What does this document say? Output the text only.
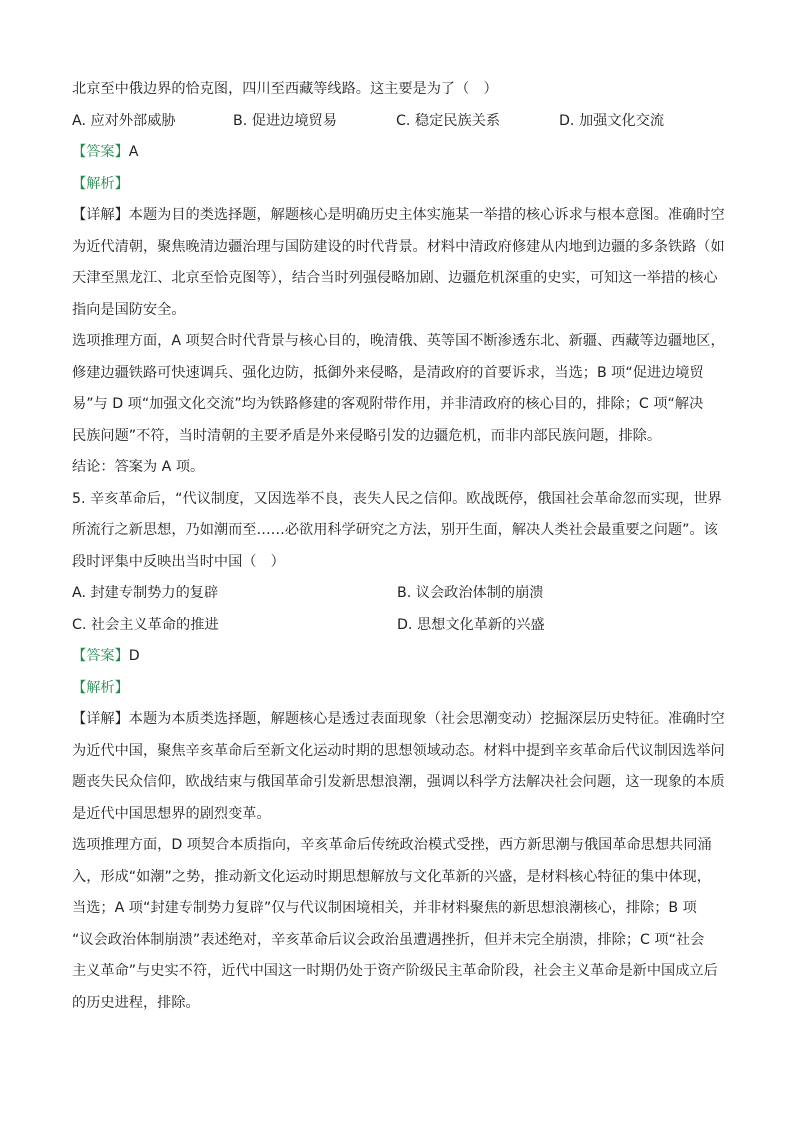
北京至中俄边界的恰克图，四川至西藏等线路。这主要是为了（　）
A. 应对外部威胁	B. 促进边境贸易	C. 稳定民族关系	D. 加强文化交流
【答案】A
【解析】
【详解】本题为目的类选择题，解题核心是明确历史主体实施某一举措的核心诉求与根本意图。准确时空
为近代清朝，聚焦晚清边疆治理与国防建设的时代背景。材料中清政府修建从内地到边疆的多条铁路（如
天津至黑龙江、北京至恰克图等），结合当时列强侵略加剧、边疆危机深重的史实，可知这一举措的核心
指向是国防安全。
选项推理方面，A 项契合时代背景与核心目的，晚清俄、英等国不断渗透东北、新疆、西藏等边疆地区，
修建边疆铁路可快速调兵、强化边防，抵御外来侵略，是清政府的首要诉求，当选；B 项“促进边境贸
易”与 D 项“加强文化交流”均为铁路修建的客观附带作用，并非清政府的核心目的，排除；C 项“解决
民族问题”不符，当时清朝的主要矛盾是外来侵略引发的边疆危机，而非内部民族问题，排除。
结论：答案为 A 项。
5. 辛亥革命后，“代议制度，又因选举不良，丧失人民之信仰。欧战既停，俄国社会革命忽而实现，世界
所流行之新思想，乃如潮而至……必欲用科学研究之方法，别开生面，解决人类社会最重要之问题”。该
段时评集中反映出当时中国（　）
A. 封建专制势力的复辟	B. 议会政治体制的崩溃
C. 社会主义革命的推进	D. 思想文化革新的兴盛
【答案】D
【解析】
【详解】本题为本质类选择题，解题核心是透过表面现象（社会思潮变动）挖掘深层历史特征。准确时空
为近代中国，聚焦辛亥革命后至新文化运动时期的思想领域动态。材料中提到辛亥革命后代议制因选举问
题丧失民众信仰，欧战结束与俄国革命引发新思想浪潮，强调以科学方法解决社会问题，这一现象的本质
是近代中国思想界的剧烈变革。
选项推理方面，D 项契合本质指向，辛亥革命后传统政治模式受挫，西方新思潮与俄国革命思想共同涌
入，形成“如潮”之势，推动新文化运动时期思想解放与文化革新的兴盛，是材料核心特征的集中体现，
当选；A 项“封建专制势力复辟”仅与代议制困境相关，并非材料聚焦的新思想浪潮核心，排除；B 项
“议会政治体制崩溃”表述绝对，辛亥革命后议会政治虽遭遇挫折，但并未完全崩溃，排除；C 项“社会
主义革命”与史实不符，近代中国这一时期仍处于资产阶级民主革命阶段，社会主义革命是新中国成立后
的历史进程，排除。
